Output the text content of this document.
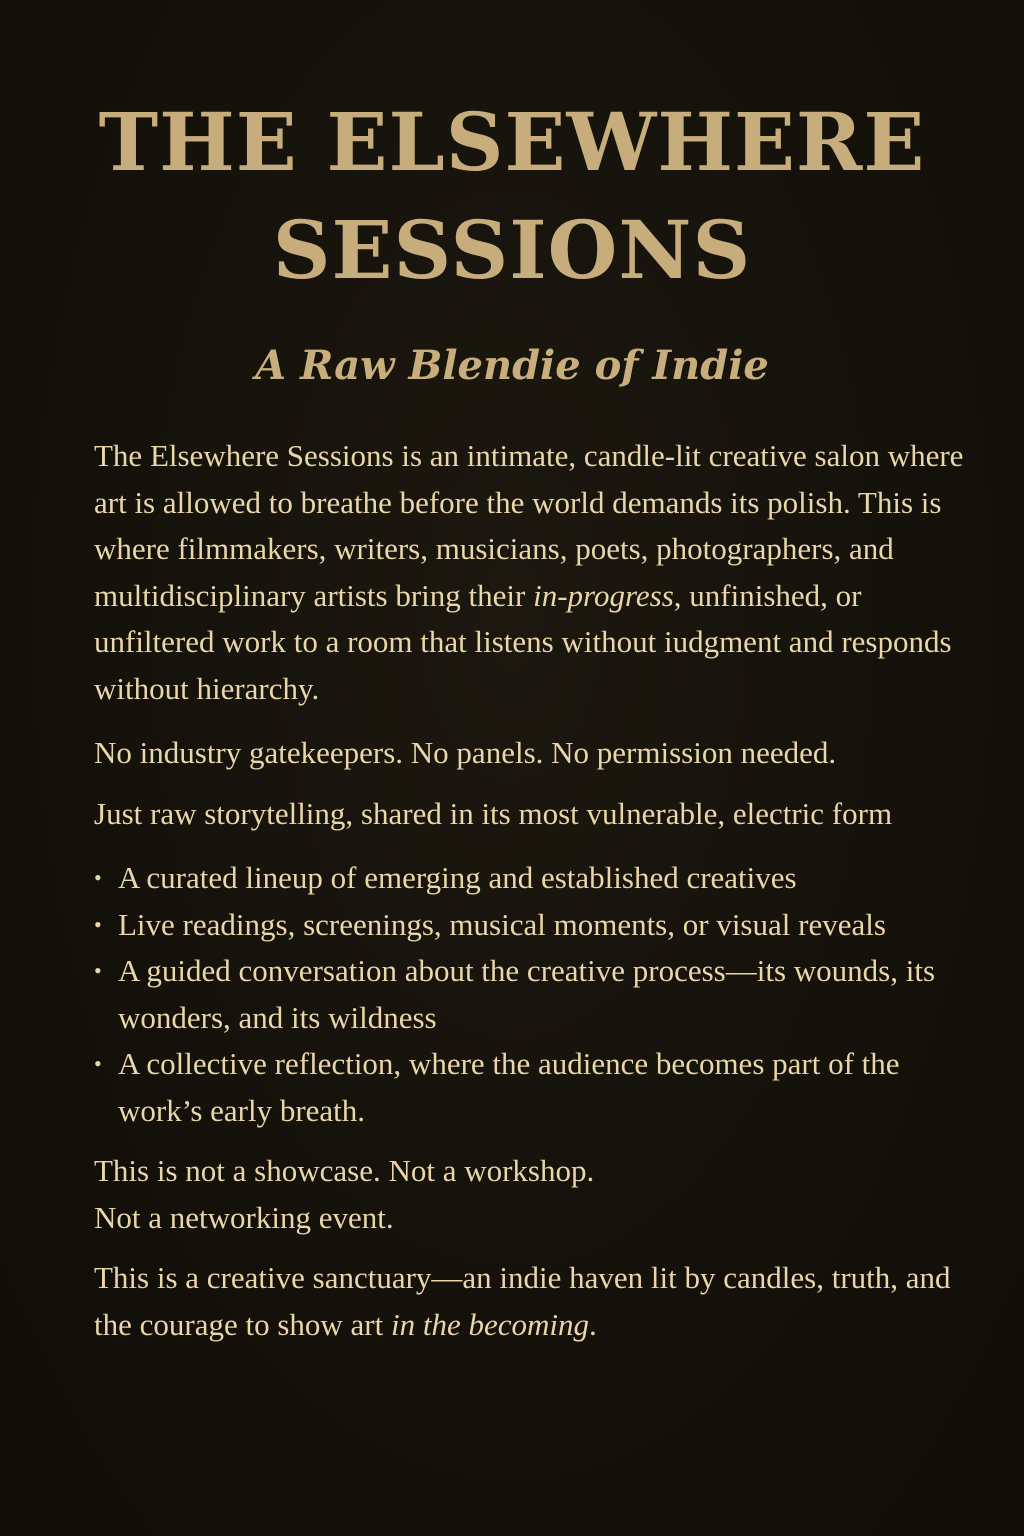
THE ELSEWHERE
SESSIONS
A Raw Blendie of Indie

The Elsewhere Sessions is an intimate, candle-lit creative salon where art is allowed to breathe before the world demands its polish. This is where filmmakers, writers, musicians, poets, photographers, and multidisciplinary artists bring their in-progress, unfinished, or unfiltered work to a room that listens without iudgment and responds without hierarchy.

No industry gatekeepers. No panels. No permission needed.

Just raw storytelling, shared in its most vulnerable, electric form

• A curated lineup of emerging and established creatives
• Live readings, screenings, musical moments, or visual reveals
• A guided conversation about the creative process—its wounds, its wonders, and its wildness
• A collective reflection, where the audience becomes part of the work’s early breath.

This is not a showcase. Not a workshop.

Not a networking event.

This is a creative sanctuary—an indie haven lit by candles, truth, and the courage to show art in the becoming.
